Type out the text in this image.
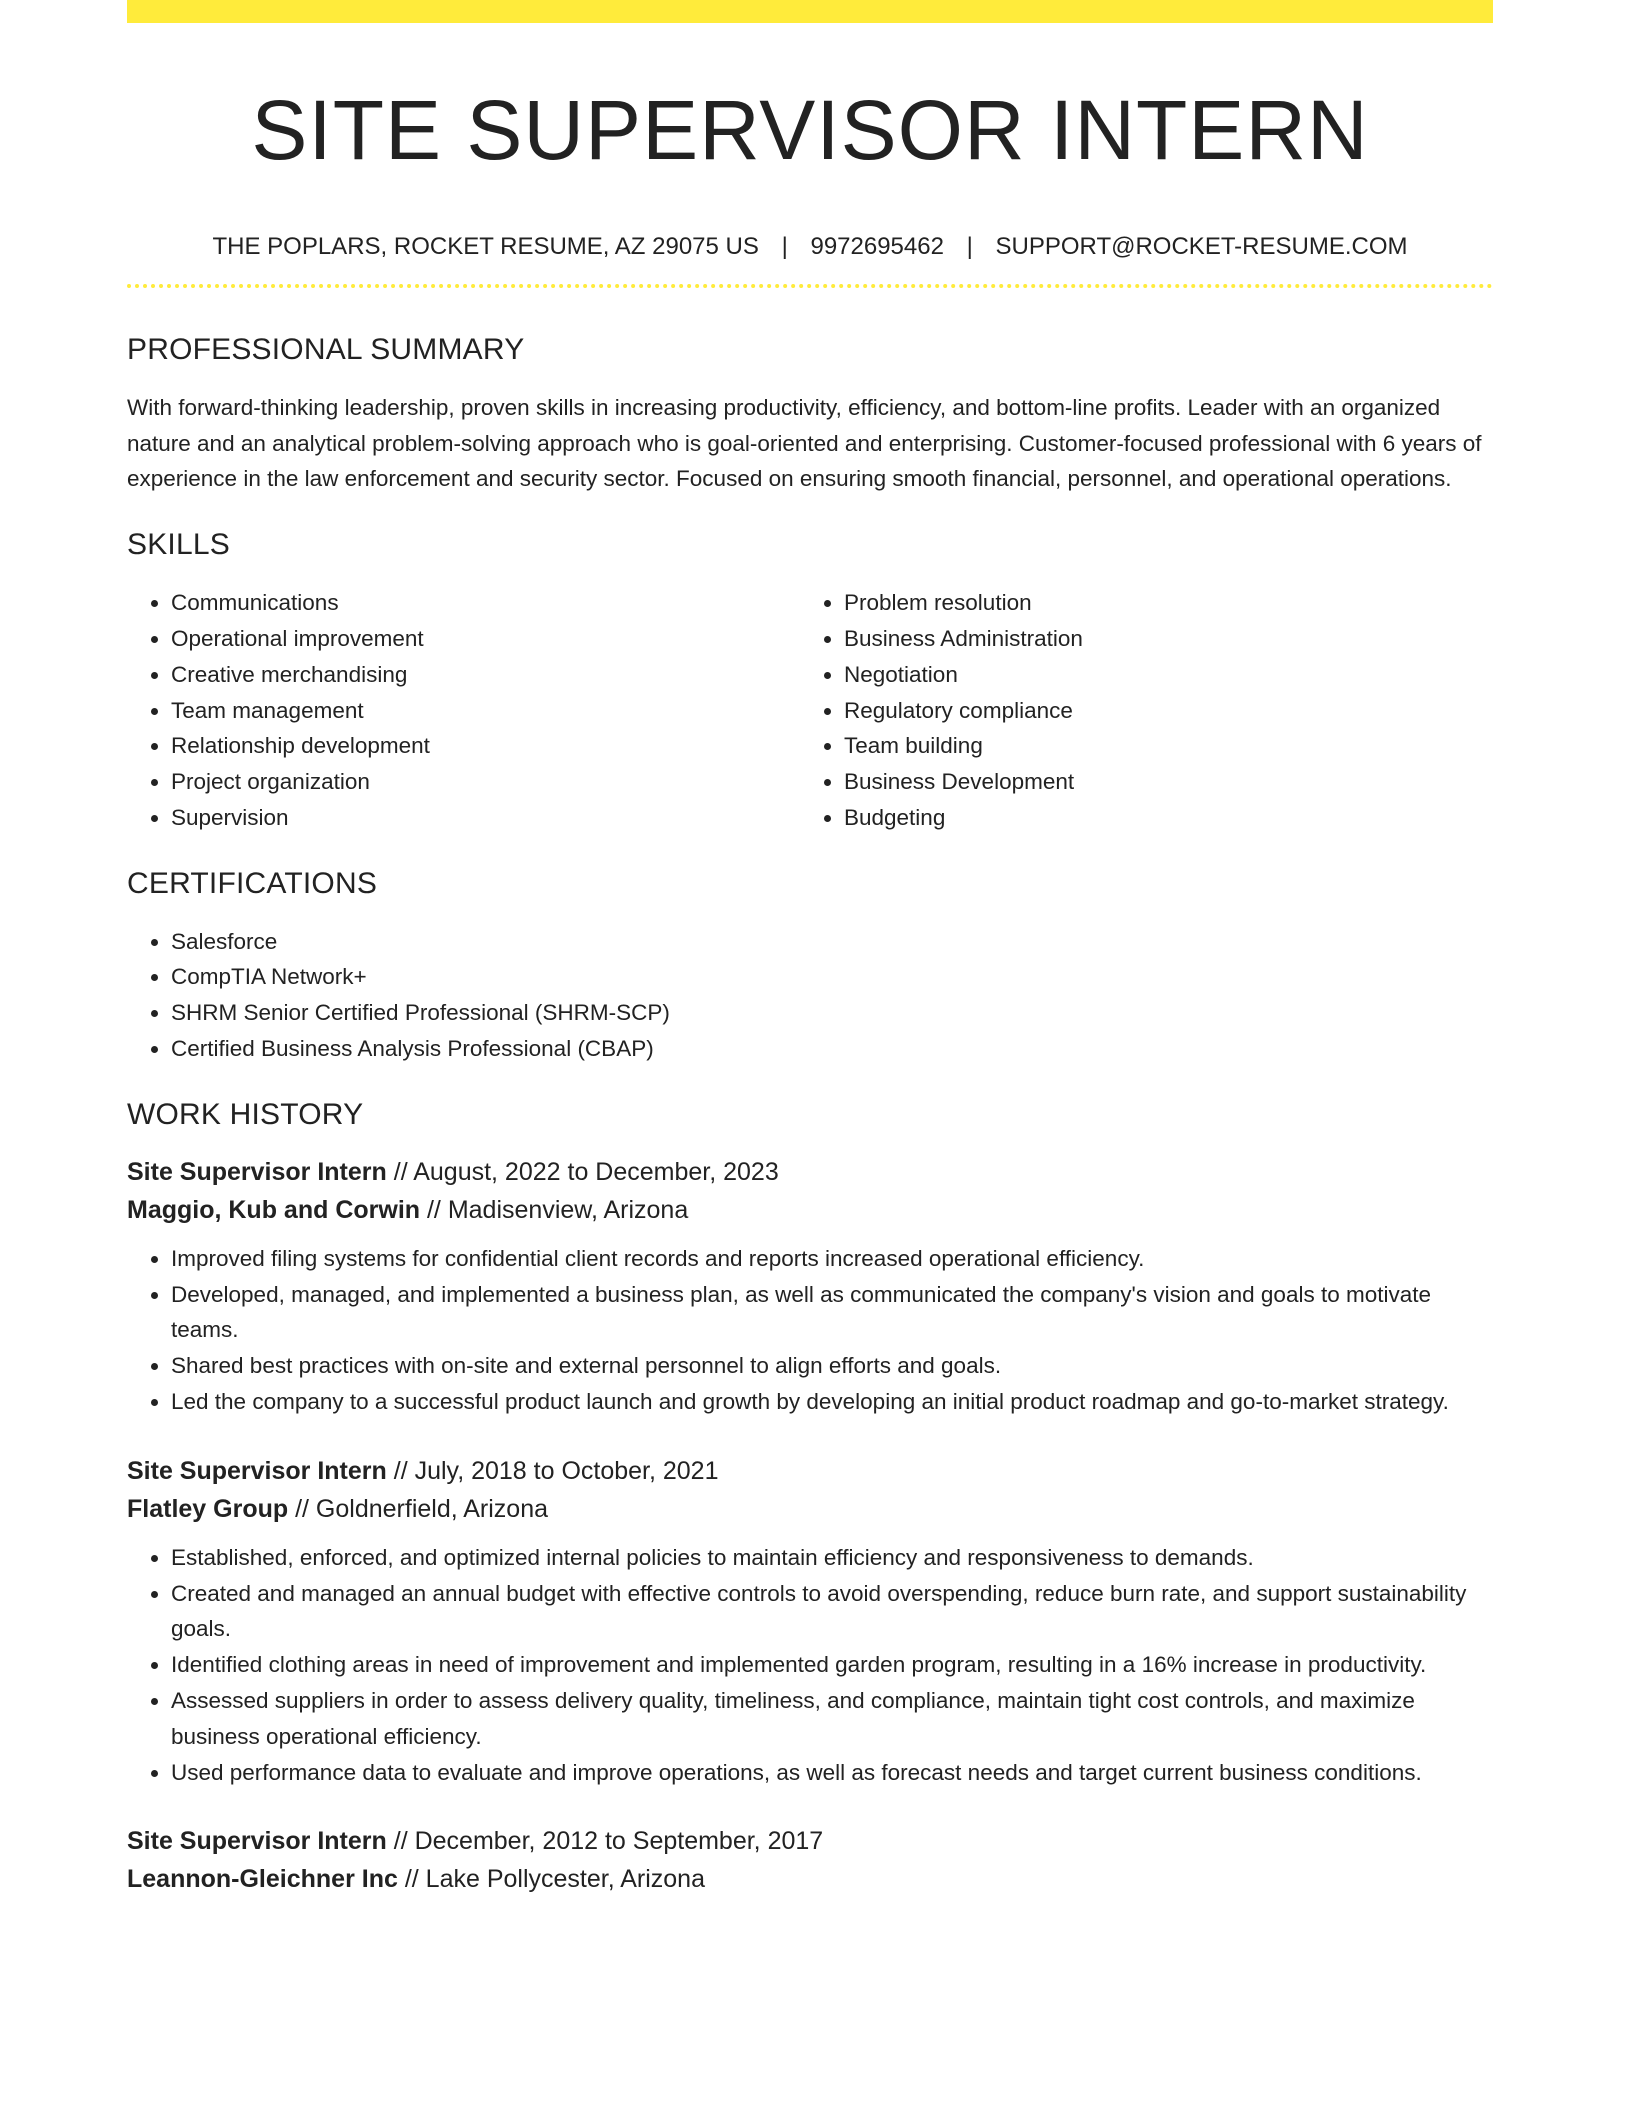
SITE SUPERVISOR INTERN
THE POPLARS, ROCKET RESUME, AZ 29075 US | 9972695462 | SUPPORT@ROCKET-RESUME.COM
PROFESSIONAL SUMMARY

With forward-thinking leadership, proven skills in increasing productivity, efficiency, and bottom-line profits. Leader with an organized nature and an analytical problem-solving approach who is goal-oriented and enterprising. Customer-focused professional with 6 years of experience in the law enforcement and security sector. Focused on ensuring smooth financial, personnel, and operational operations.

SKILLS
• Communications
• Operational improvement
• Creative merchandising
• Team management
• Relationship development
• Project organization
• Supervision
• Problem resolution
• Business Administration
• Negotiation
• Regulatory compliance
• Team building
• Business Development
• Budgeting
CERTIFICATIONS
• Salesforce
• CompTIA Network+
• SHRM Senior Certified Professional (SHRM-SCP)
• Certified Business Analysis Professional (CBAP)
WORK HISTORY
Site Supervisor Intern // August, 2022 to December, 2023
Maggio, Kub and Corwin // Madisenview, Arizona
• Improved filing systems for confidential client records and reports increased operational efficiency.
• Developed, managed, and implemented a business plan, as well as communicated the company's vision and goals to motivate teams.
• Shared best practices with on-site and external personnel to align efforts and goals.
• Led the company to a successful product launch and growth by developing an initial product roadmap and go-to-market strategy.
Site Supervisor Intern // July, 2018 to October, 2021
Flatley Group // Goldnerfield, Arizona
• Established, enforced, and optimized internal policies to maintain efficiency and responsiveness to demands.
• Created and managed an annual budget with effective controls to avoid overspending, reduce burn rate, and support sustainability goals.
• Identified clothing areas in need of improvement and implemented garden program, resulting in a 16% increase in productivity.
• Assessed suppliers in order to assess delivery quality, timeliness, and compliance, maintain tight cost controls, and maximize business operational efficiency.
• Used performance data to evaluate and improve operations, as well as forecast needs and target current business conditions.
Site Supervisor Intern // December, 2012 to September, 2017
Leannon-Gleichner Inc // Lake Pollycester, Arizona
